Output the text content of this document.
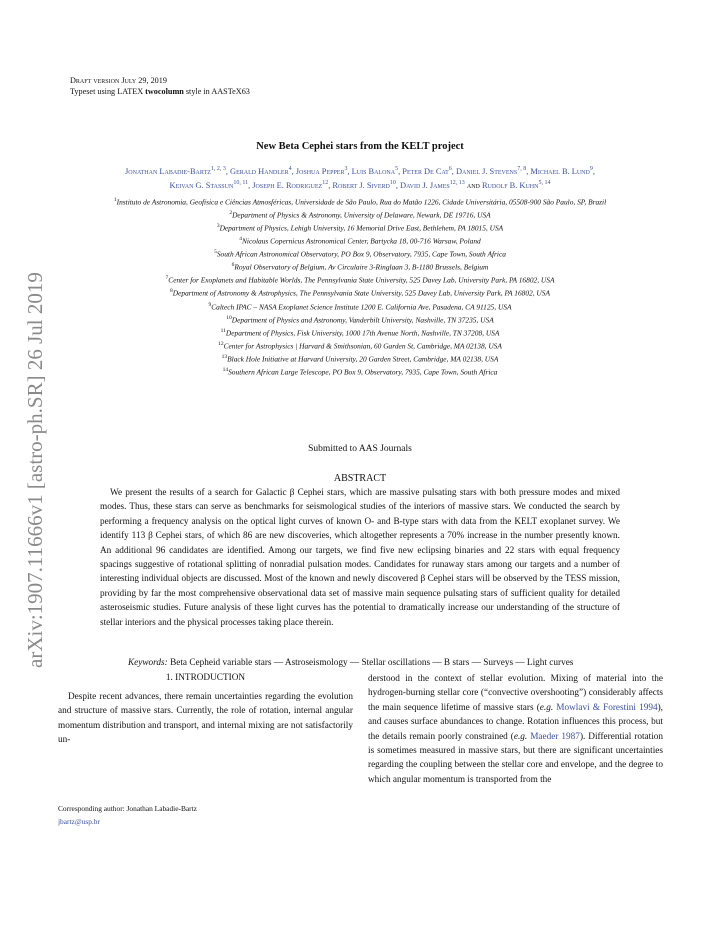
arXiv:1907.11666v1 [astro-ph.SR] 26 Jul 2019
Draft version July 29, 2019
Typeset using LATEX twocolumn style in AASTeX63
New Beta Cephei stars from the KELT project
Jonathan Labadie-Bartz$^{1, 2, 3}$, Gerald Handler$^4$, Joshua Pepper$^3$, Luis Balona$^5$, Peter De Cat$^6$, Daniel J. Stevens$^{7, 8}$, Michael B. Lund$^9$,
Keivan G. Stassun$^{10, 11}$, Joseph E. Rodriguez$^{12}$, Robert J. Siverd$^{10}$, David J. James$^{12, 13}$ and Rudolf B. Kuhn$^{5, 14}$
$^1$Instituto de Astronomia, Geofísica e Ciências Atmosféricas, Universidade de São Paulo, Rua do Matão 1226, Cidade Universitária, 05508-900 São Paulo, SP, Brazil
$^2$Department of Physics & Astronomy, University of Delaware, Newark, DE 19716, USA
$^3$Department of Physics, Lehigh University, 16 Memorial Drive East, Bethlehem, PA 18015, USA
$^4$Nicolaus Copernicus Astronomical Center, Bartycka 18, 00-716 Warsaw, Poland
$^5$South African Astronomical Observatory, PO Box 9, Observatory, 7935, Cape Town, South Africa
$^6$Royal Observatory of Belgium, Av Circulaire 3-Ringlaan 3, B-1180 Brussels, Belgium
$^7$Center for Exoplanets and Habitable Worlds, The Pennsylvania State University, 525 Davey Lab, University Park, PA 16802, USA
$^8$Department of Astronomy & Astrophysics, The Pennsylvania State University, 525 Davey Lab, University Park, PA 16802, USA
$^9$Caltech IPAC – NASA Exoplanet Science Institute 1200 E. California Ave, Pasadena, CA 91125, USA
$^{10}$Department of Physics and Astronomy, Vanderbilt University, Nashville, TN 37235, USA
$^{11}$Department of Physics, Fisk University, 1000 17th Avenue North, Nashville, TN 37208, USA
$^{12}$Center for Astrophysics | Harvard & Smithsonian, 60 Garden St, Cambridge, MA 02138, USA
$^{13}$Black Hole Initiative at Harvard University, 20 Garden Street, Cambridge, MA 02138, USA
$^{14}$Southern African Large Telescope, PO Box 9, Observatory, 7935, Cape Town, South Africa
Submitted to AAS Journals
ABSTRACT
We present the results of a search for Galactic β Cephei stars, which are massive pulsating stars with both pressure modes and mixed modes. Thus, these stars can serve as benchmarks for seismological studies of the interiors of massive stars. We conducted the search by performing a frequency analysis on the optical light curves of known O- and B-type stars with data from the KELT exoplanet survey. We identify 113 β Cephei stars, of which 86 are new discoveries, which altogether represents a 70% increase in the number presently known. An additional 96 candidates are identified. Among our targets, we find five new eclipsing binaries and 22 stars with equal frequency spacings suggestive of rotational splitting of nonradial pulsation modes. Candidates for runaway stars among our targets and a number of interesting individual objects are discussed. Most of the known and newly discovered β Cephei stars will be observed by the TESS mission, providing by far the most comprehensive observational data set of massive main sequence pulsating stars of sufficient quality for detailed asteroseismic studies. Future analysis of these light curves has the potential to dramatically increase our understanding of the structure of stellar interiors and the physical processes taking place therein.
Keywords: Beta Cepheid variable stars — Astroseismology — Stellar oscillations — B stars — Surveys — Light curves
1. INTRODUCTION
Despite recent advances, there remain uncertainties regarding the evolution and structure of massive stars. Currently, the role of rotation, internal angular momentum distribution and transport, and internal mixing are not satisfactorily un-
Corresponding author: Jonathan Labadie-Bartz
jbartz@usp.br
derstood in the context of stellar evolution. Mixing of material into the hydrogen-burning stellar core (“convective overshooting”) considerably affects the main sequence lifetime of massive stars (e.g. Mowlavi & Forestini 1994), and causes surface abundances to change. Rotation influences this process, but the details remain poorly constrained (e.g. Maeder 1987). Differential rotation is sometimes measured in massive stars, but there are significant uncertainties regarding the coupling between the stellar core and envelope, and the degree to which angular momentum is transported from the
